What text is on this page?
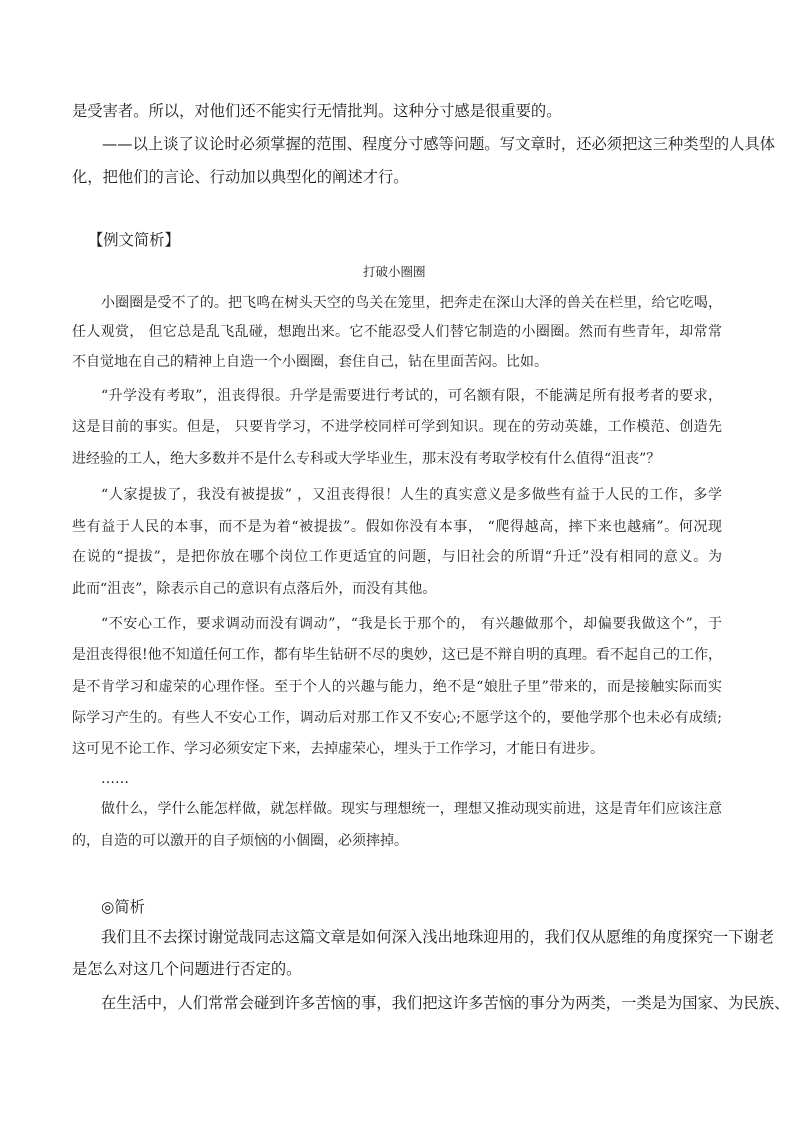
是受害者。所以，对他们还不能实行无情批判。这种分寸感是很重要的。
——以上谈了议论时必须掌握的范围、程度分寸感等问题。写文章时，还必须把这三种类型的人具体
化，把他们的言论、行动加以典型化的阐述才行。
【例文简析】
打破小圈圈
小圈圈是受不了的。把飞鸣在树头天空的鸟关在笼里，把奔走在深山大泽的兽关在栏里，给它吃喝，
任人观赏， 但它总是乱飞乱碰，想跑出来。它不能忍受人们替它制造的小圈圈。然而有些青年，却常常
不自觉地在自己的精神上自造一个小圈圈，套住自己，钻在里面苦闷。比如。
“升学没有考取”，沮丧得很。升学是需要进行考试的，可名额有限，不能满足所有报考者的要求，
这是目前的事实。但是， 只要肯学习，不进学校同样可学到知识。现在的劳动英雄，工作模范、创造先
进经验的工人，绝大多数并不是什么专科或大学毕业生，那末没有考取学校有什么值得“沮丧”？
“人家提拔了，我没有被提拔” ，又沮丧得很！人生的真实意义是多做些有益于人民的工作，多学
些有益于人民的本事，而不是为着“被提拔”。假如你没有本事， “爬得越高，摔下来也越痛”。何况现
在说的“提拔”，是把你放在哪个岗位工作更适宜的问题，与旧社会的所谓“升迁”没有相同的意义。为
此而“沮丧”，除表示自己的意识有点落后外，而没有其他。
“不安心工作，要求调动而没有调动”，“我是长于那个的， 有兴趣做那个，却偏要我做这个”，于
是沮丧得很!他不知道任何工作，都有毕生钻研不尽的奥妙，这已是不辩自明的真理。看不起自己的工作，
是不肯学习和虚荣的心理作怪。至于个人的兴趣与能力，绝不是“娘肚子里”带来的，而是接触实际而实
际学习产生的。有些人不安心工作，调动后对那工作又不安心;不愿学这个的，要他学那个也未必有成绩;
这可见不论工作、学习必须安定下来，去掉虚荣心，埋头于工作学习，才能日有进步。
……
做什么，学什么能怎样做，就怎样做。现实与理想统一，理想又推动现实前进，这是青年们应该注意
的，自造的可以激开的自子烦恼的小個圈，必须摔掉。
◎简析
我们且不去探讨谢觉哉同志这篇文章是如何深入浅出地珠迎用的，我们仅从愿维的角度探究一下谢老
是怎么对这几个问题进行否定的。
在生活中，人们常常会碰到许多苦恼的事，我们把这许多苦恼的事分为两类，一类是为国家、为民族、
